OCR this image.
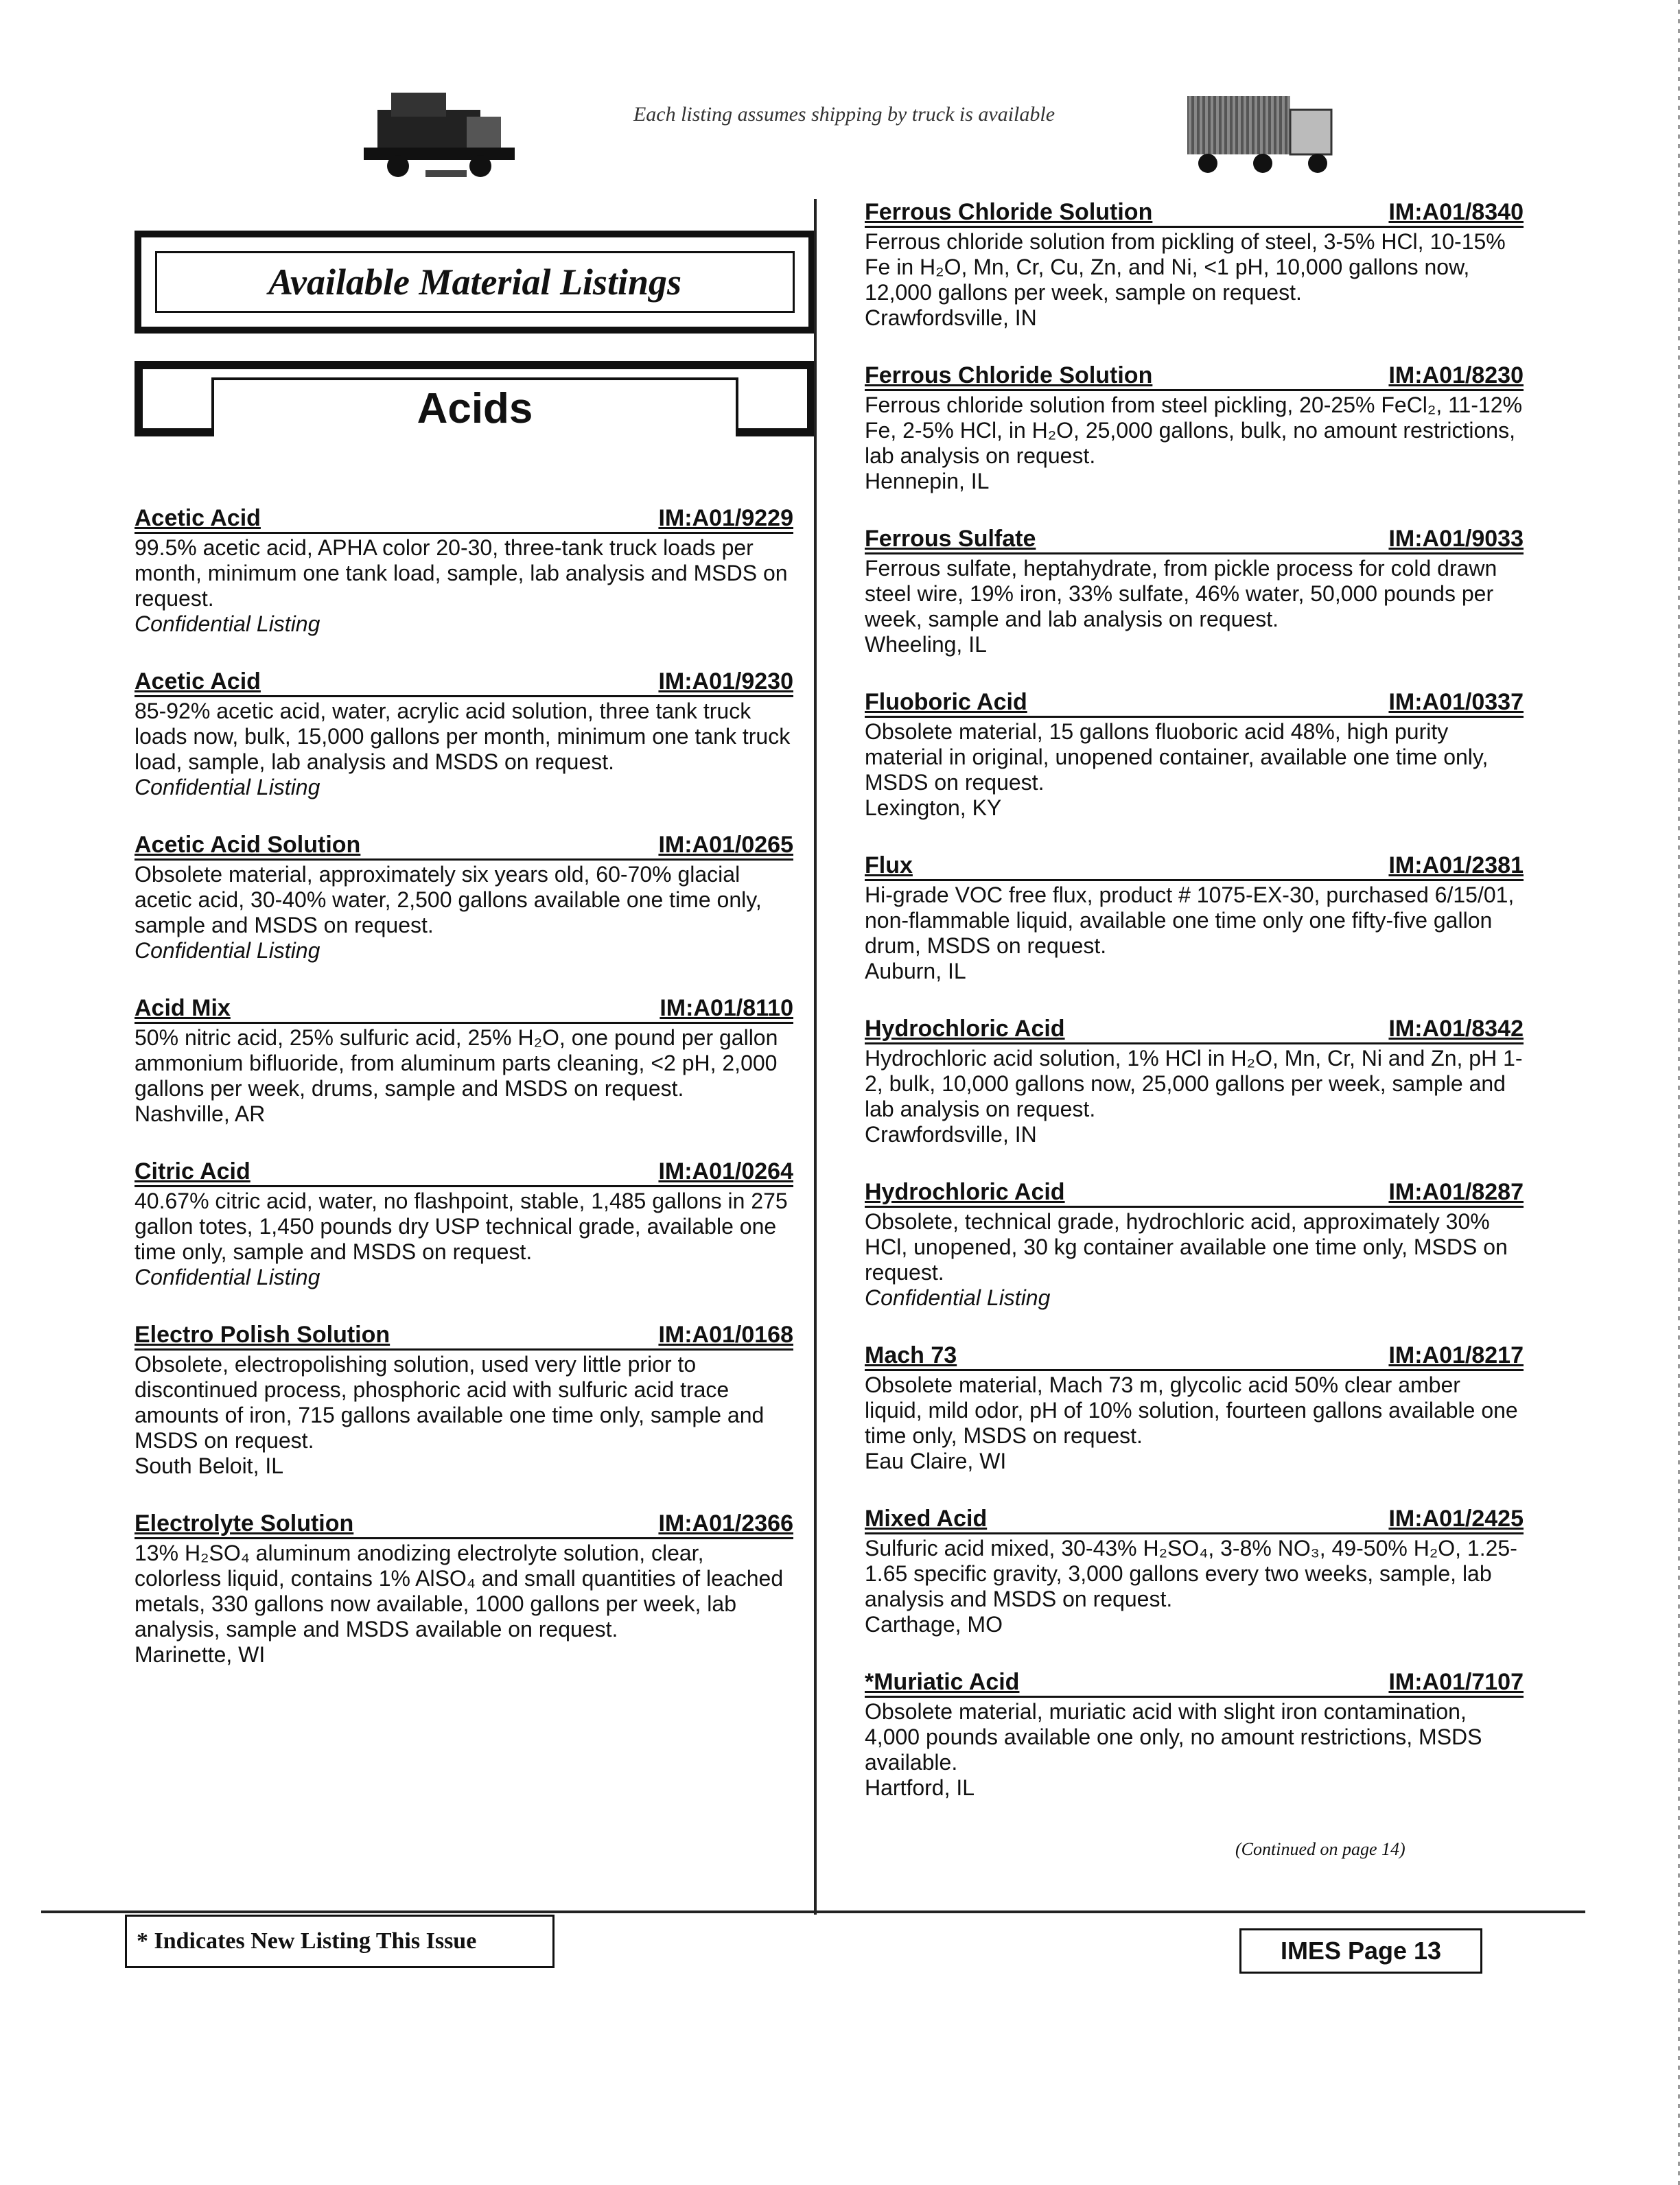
Each listing assumes shipping by truck is available
Available Material Listings
Acids
Acetic Acid	IM:A01/9229
99.5% acetic acid, APHA color 20-30, three-tank truck loads per month, minimum one tank load, sample, lab analysis and MSDS on request.
Confidential Listing
Acetic Acid	IM:A01/9230
85-92% acetic acid, water, acrylic acid solution, three tank truck loads now, bulk, 15,000 gallons per month, minimum one tank truck load, sample, lab analysis and MSDS on request.
Confidential Listing
Acetic Acid Solution	IM:A01/0265
Obsolete material, approximately six years old, 60-70% glacial acetic acid, 30-40% water, 2,500 gallons available one time only, sample and MSDS on request.
Confidential Listing
Acid Mix	IM:A01/8110
50% nitric acid, 25% sulfuric acid, 25% H₂O, one pound per gallon ammonium bifluoride, from aluminum parts cleaning, <2 pH, 2,000 gallons per week, drums, sample and MSDS on request.
Nashville, AR
Citric Acid	IM:A01/0264
40.67% citric acid, water, no flashpoint, stable, 1,485 gallons in 275 gallon totes, 1,450 pounds dry USP technical grade, available one time only, sample and MSDS on request.
Confidential Listing
Electro Polish Solution	IM:A01/0168
Obsolete, electropolishing solution, used very little prior to discontinued process, phosphoric acid with sulfuric acid trace amounts of iron, 715 gallons available one time only, sample and MSDS on request.
South Beloit, IL
Electrolyte Solution	IM:A01/2366
13% H₂SO₄ aluminum anodizing electrolyte solution, clear, colorless liquid, contains 1% AlSO₄ and small quantities of leached metals, 330 gallons now available, 1000 gallons per week, lab analysis, sample and MSDS available on request.
Marinette, WI
Ferrous Chloride Solution	IM:A01/8340
Ferrous chloride solution from pickling of steel, 3-5% HCl, 10-15% Fe in H₂O, Mn, Cr, Cu, Zn, and Ni, <1 pH, 10,000 gallons now, 12,000 gallons per week, sample on request.
Crawfordsville, IN
Ferrous Chloride Solution	IM:A01/8230
Ferrous chloride solution from steel pickling, 20-25% FeCl₂, 11-12% Fe, 2-5% HCl, in H₂O, 25,000 gallons, bulk, no amount restrictions, lab analysis on request.
Hennepin, IL
Ferrous Sulfate	IM:A01/9033
Ferrous sulfate, heptahydrate, from pickle process for cold drawn steel wire, 19% iron, 33% sulfate, 46% water, 50,000 pounds per week, sample and lab analysis on request.
Wheeling, IL
Fluoboric Acid	IM:A01/0337
Obsolete material, 15 gallons fluoboric acid 48%, high purity material in original, unopened container, available one time only, MSDS on request.
Lexington, KY
Flux	IM:A01/2381
Hi-grade VOC free flux, product # 1075-EX-30, purchased 6/15/01, non-flammable liquid, available one time only one fifty-five gallon drum, MSDS on request.
Auburn, IL
Hydrochloric Acid	IM:A01/8342
Hydrochloric acid solution, 1% HCl in H₂O, Mn, Cr, Ni and Zn, pH 1-2, bulk, 10,000 gallons now, 25,000 gallons per week, sample and lab analysis on request.
Crawfordsville, IN
Hydrochloric Acid	IM:A01/8287
Obsolete, technical grade, hydrochloric acid, approximately 30% HCl, unopened, 30 kg container available one time only, MSDS on request.
Confidential Listing
Mach 73	IM:A01/8217
Obsolete material, Mach 73 m, glycolic acid 50% clear amber liquid, mild odor, pH of 10% solution, fourteen gallons available one time only, MSDS on request.
Eau Claire, WI
Mixed Acid	IM:A01/2425
Sulfuric acid mixed, 30-43% H₂SO₄, 3-8% NO₃, 49-50% H₂O, 1.25-1.65 specific gravity, 3,000 gallons every two weeks, sample, lab analysis and MSDS on request.
Carthage, MO
*Muriatic Acid	IM:A01/7107
Obsolete material, muriatic acid with slight iron contamination, 4,000 pounds available one only, no amount restrictions, MSDS available.
Hartford, IL
(Continued on page 14)
* Indicates New Listing This Issue	IMES Page 13
